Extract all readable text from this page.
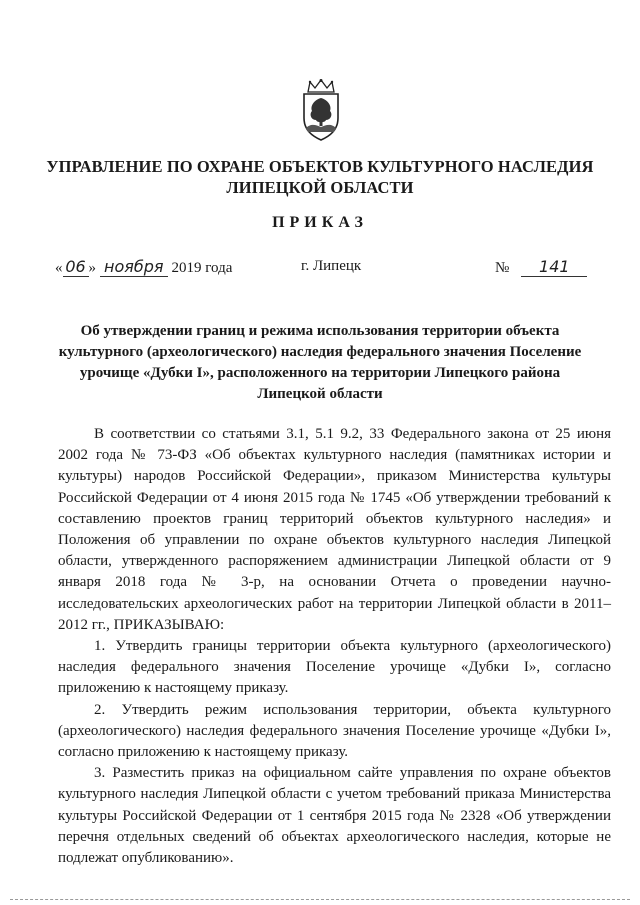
УПРАВЛЕНИЕ ПО ОХРАНЕ ОБЪЕКТОВ КУЛЬТУРНОГО НАСЛЕДИЯ
ЛИПЕЦКОЙ ОБЛАСТИ
ПРИКАЗ
« 06 » ноября 2019 года	г. Липецк	№ 141
Об утверждении границ и режима использования территории объекта
культурного (археологического) наследия федерального значения Поселение
урочище «Дубки I», расположенного на территории Липецкого района
Липецкой области

В соответствии со статьями 3.1, 5.1 9.2, 33 Федерального закона от 25 июня 2002 года № 73-ФЗ «Об объектах культурного наследия (памятниках истории и культуры) народов Российской Федерации», приказом Министерства культуры Российской Федерации от 4 июня 2015 года № 1745 «Об утверждении требований к составлению проектов границ территорий объектов культурного наследия» и Положения об управлении по охране объектов культурного наследия Липецкой области, утвержденного распоряжением администрации Липецкой области от 9 января 2018 года № 3-р, на основании Отчета о проведении научно-исследовательских археологических работ на территории Липецкой области в 2011–2012 гг., ПРИКАЗЫВАЮ:

1. Утвердить границы территории объекта культурного (археологического) наследия федерального значения Поселение урочище «Дубки I», согласно приложению к настоящему приказу.

2. Утвердить режим использования территории, объекта культурного (археологического) наследия федерального значения Поселение урочище «Дубки I», согласно приложению к настоящему приказу.

3. Разместить приказ на официальном сайте управления по охране объектов культурного наследия Липецкой области с учетом требований приказа Министерства культуры Российской Федерации от 1 сентября 2015 года № 2328 «Об утверждении перечня отдельных сведений об объектах археологического наследия, которые не подлежат опубликованию».
